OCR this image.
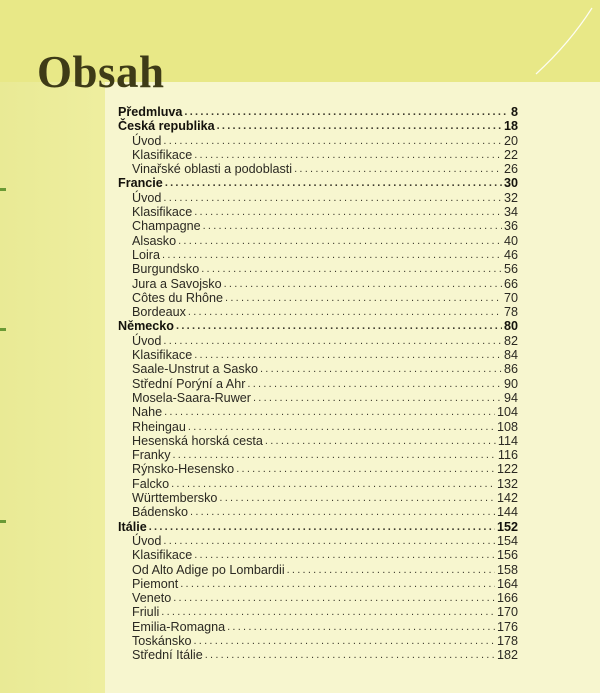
Obsah
Předmluva . . .	8
Česká republika . . .	18
Úvod . . .	20
Klasifikace . . .	22
Vinařské oblasti a podoblasti . . .	26
Francie . . .	30
Úvod . . .	32
Klasifikace . . .	34
Champagne . . .	36
Alsasko . . .	40
Loira . . .	46
Burgundsko . . .	56
Jura a Savojsko . . .	66
Côtes du Rhône . . .	70
Bordeaux . . .	78
Německo . . .	80
Úvod . . .	82
Klasifikace . . .	84
Saale-Unstrut a Sasko . . .	86
Střední Porýní a Ahr . . .	90
Mosela-Saara-Ruwer . . .	94
Nahe . . .	104
Rheingau . . .	108
Hesenská horská cesta . . .	114
Franky . . .	116
Rýnsko-Hesensko . . .	122
Falcko . . .	132
Württembersko . . .	142
Bádensko . . .	144
Itálie . . .	152
Úvod . . .	154
Klasifikace . . .	156
Od Alto Adige po Lombardii . . .	158
Piemont . . .	164
Veneto . . .	166
Friuli . . .	170
Emilia-Romagna . . .	176
Toskánsko . . .	178
Střední Itálie . . .	182
